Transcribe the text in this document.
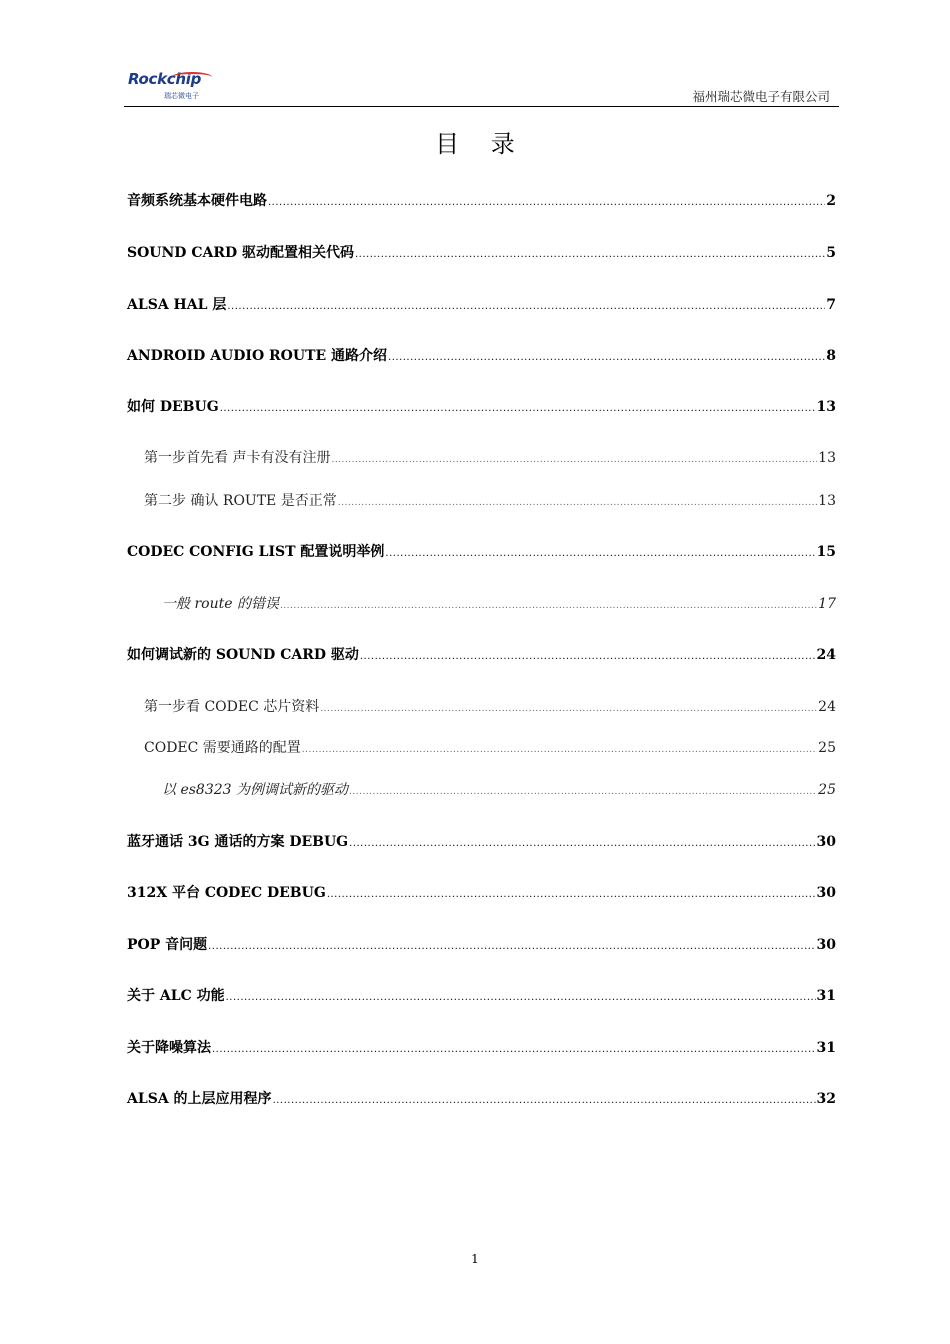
Rockchip
瑞芯微电子	福州瑞芯微电子有限公司
目 录
音频系统基本硬件电路 .....	2
SOUND CARD 驱动配置相关代码 .....	5
ALSA HAL 层 .....	7
ANDROID AUDIO ROUTE 通路介绍 .....	8
如何 DEBUG .....	13
第一步首先看 声卡有没有注册 .....	13
第二步 确认 ROUTE 是否正常 .....	13
CODEC CONFIG LIST 配置说明举例 .....	15
一般 route 的错误 .....	17
如何调试新的 SOUND CARD 驱动 .....	24
第一步看 CODEC 芯片资料 .....	24
CODEC 需要通路的配置 .....	25
以 es8323 为例调试新的驱动 .....	25
蓝牙通话 3G 通话的方案 DEBUG .....	30
312X 平台 CODEC DEBUG .....	30
POP 音问题 .....	30
关于 ALC 功能 .....	31
关于降噪算法 .....	31
ALSA 的上层应用程序 .....	32
1
